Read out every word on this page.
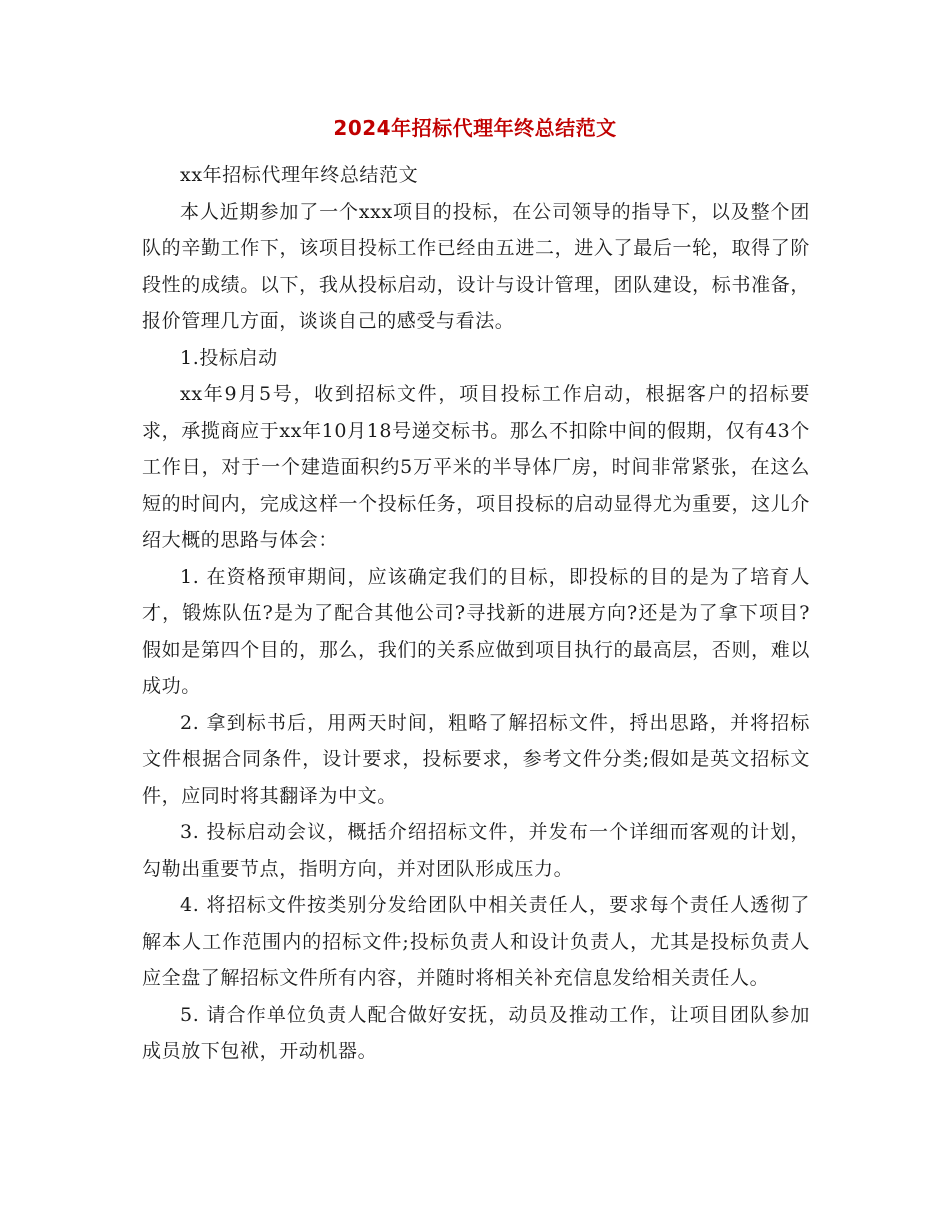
2024年招标代理年终总结范文

xx年招标代理年终总结范文

本人近期参加了一个xxx项目的投标，在公司领导的指导下，以及整个团队的辛勤工作下，该项目投标工作已经由五进二，进入了最后一轮，取得了阶段性的成绩。以下，我从投标启动，设计与设计管理，团队建设，标书准备，报价管理几方面，谈谈自己的感受与看法。

1.投标启动

xx年9月5号，收到招标文件，项目投标工作启动，根据客户的招标要求，承揽商应于xx年10月18号递交标书。那么不扣除中间的假期，仅有43个工作日，对于一个建造面积约5万平米的半导体厂房，时间非常紧张，在这么短的时间内，完成这样一个投标任务，项目投标的启动显得尤为重要，这儿介绍大概的思路与体会：

1. 在资格预审期间，应该确定我们的目标，即投标的目的是为了培育人才，锻炼队伍?是为了配合其他公司?寻找新的进展方向?还是为了拿下项目?假如是第四个目的，那么，我们的关系应做到项目执行的最高层，否则，难以成功。

2. 拿到标书后，用两天时间，粗略了解招标文件，捋出思路，并将招标文件根据合同条件，设计要求，投标要求，参考文件分类;假如是英文招标文件，应同时将其翻译为中文。

3. 投标启动会议，概括介绍招标文件，并发布一个详细而客观的计划，勾勒出重要节点，指明方向，并对团队形成压力。

4. 将招标文件按类别分发给团队中相关责任人，要求每个责任人透彻了解本人工作范围内的招标文件;投标负责人和设计负责人，尤其是投标负责人应全盘了解招标文件所有内容，并随时将相关补充信息发给相关责任人。

5. 请合作单位负责人配合做好安抚，动员及推动工作，让项目团队参加成员放下包袱，开动机器。
